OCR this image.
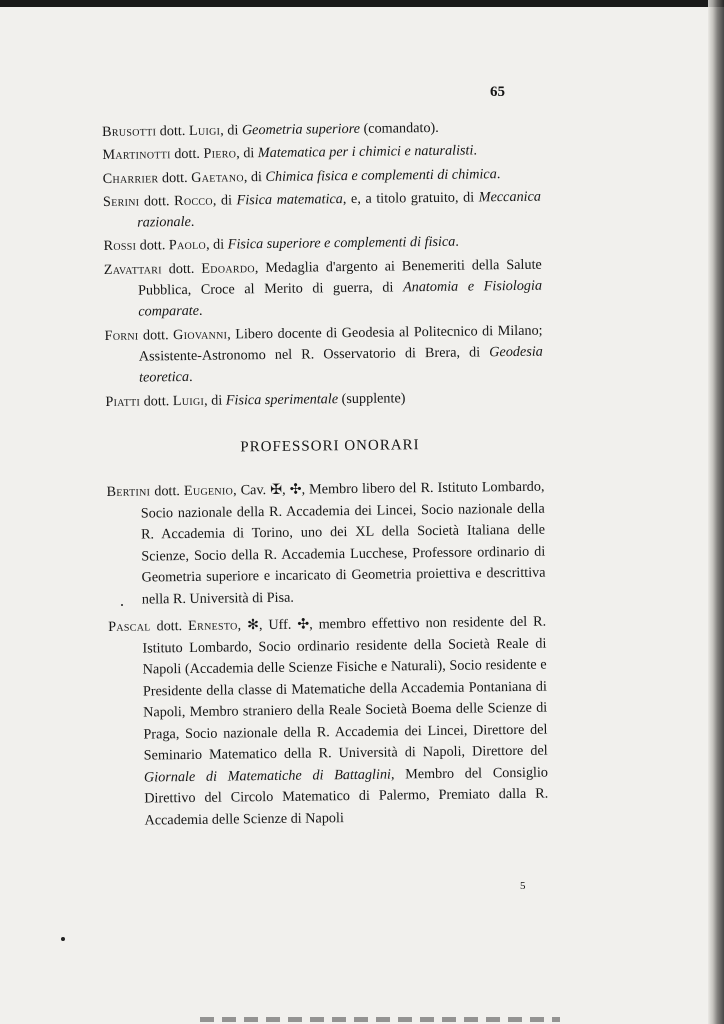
65

Brusotti dott. Luigi, di Geometria superiore (comandato).

Martinotti dott. Piero, di Matematica per i chimici e naturalisti.

Charrier dott. Gaetano, di Chimica fisica e complementi di chimica.

Serini dott. Rocco, di Fisica matematica, e, a titolo gratuito, di Meccanica razionale.

Rossi dott. Paolo, di Fisica superiore e complementi di fisica.

Zavattari dott. Edoardo, Medaglia d'argento ai Benemeriti della Salute Pubblica, Croce al Merito di guerra, di Anatomia e Fisiologia comparate.

Forni dott. Giovanni, Libero docente di Geodesia al Politecnico di Milano; Assistente-Astronomo nel R. Osservatorio di Brera, di Geodesia teoretica.

Piatti dott. Luigi, di Fisica sperimentale (supplente)

PROFESSORI ONORARI

Bertini dott. Eugenio, Cav. ✠, ✣, Membro libero del R. Istituto Lombardo, Socio nazionale della R. Accademia dei Lincei, Socio nazionale della R. Accademia di Torino, uno dei XL della Società Italiana delle Scienze, Socio della R. Accademia Lucchese, Professore ordinario di Geometria superiore e incaricato di Geometria proiettiva e descrittiva nella R. Università di Pisa.

Pascal dott. Ernesto, ✻, Uff. ✣, membro effettivo non residente del R. Istituto Lombardo, Socio ordinario residente della Società Reale di Napoli (Accademia delle Scienze Fisiche e Naturali), Socio residente e Presidente della classe di Matematiche della Accademia Pontaniana di Napoli, Membro straniero della Reale Società Boema delle Scienze di Praga, Socio nazionale della R. Accademia dei Lincei, Direttore del Seminario Matematico della R. Università di Napoli, Direttore del Giornale di Matematiche di Battaglini, Membro del Consiglio Direttivo del Circolo Matematico di Palermo, Premiato dalla R. Accademia delle Scienze di Napoli

5
